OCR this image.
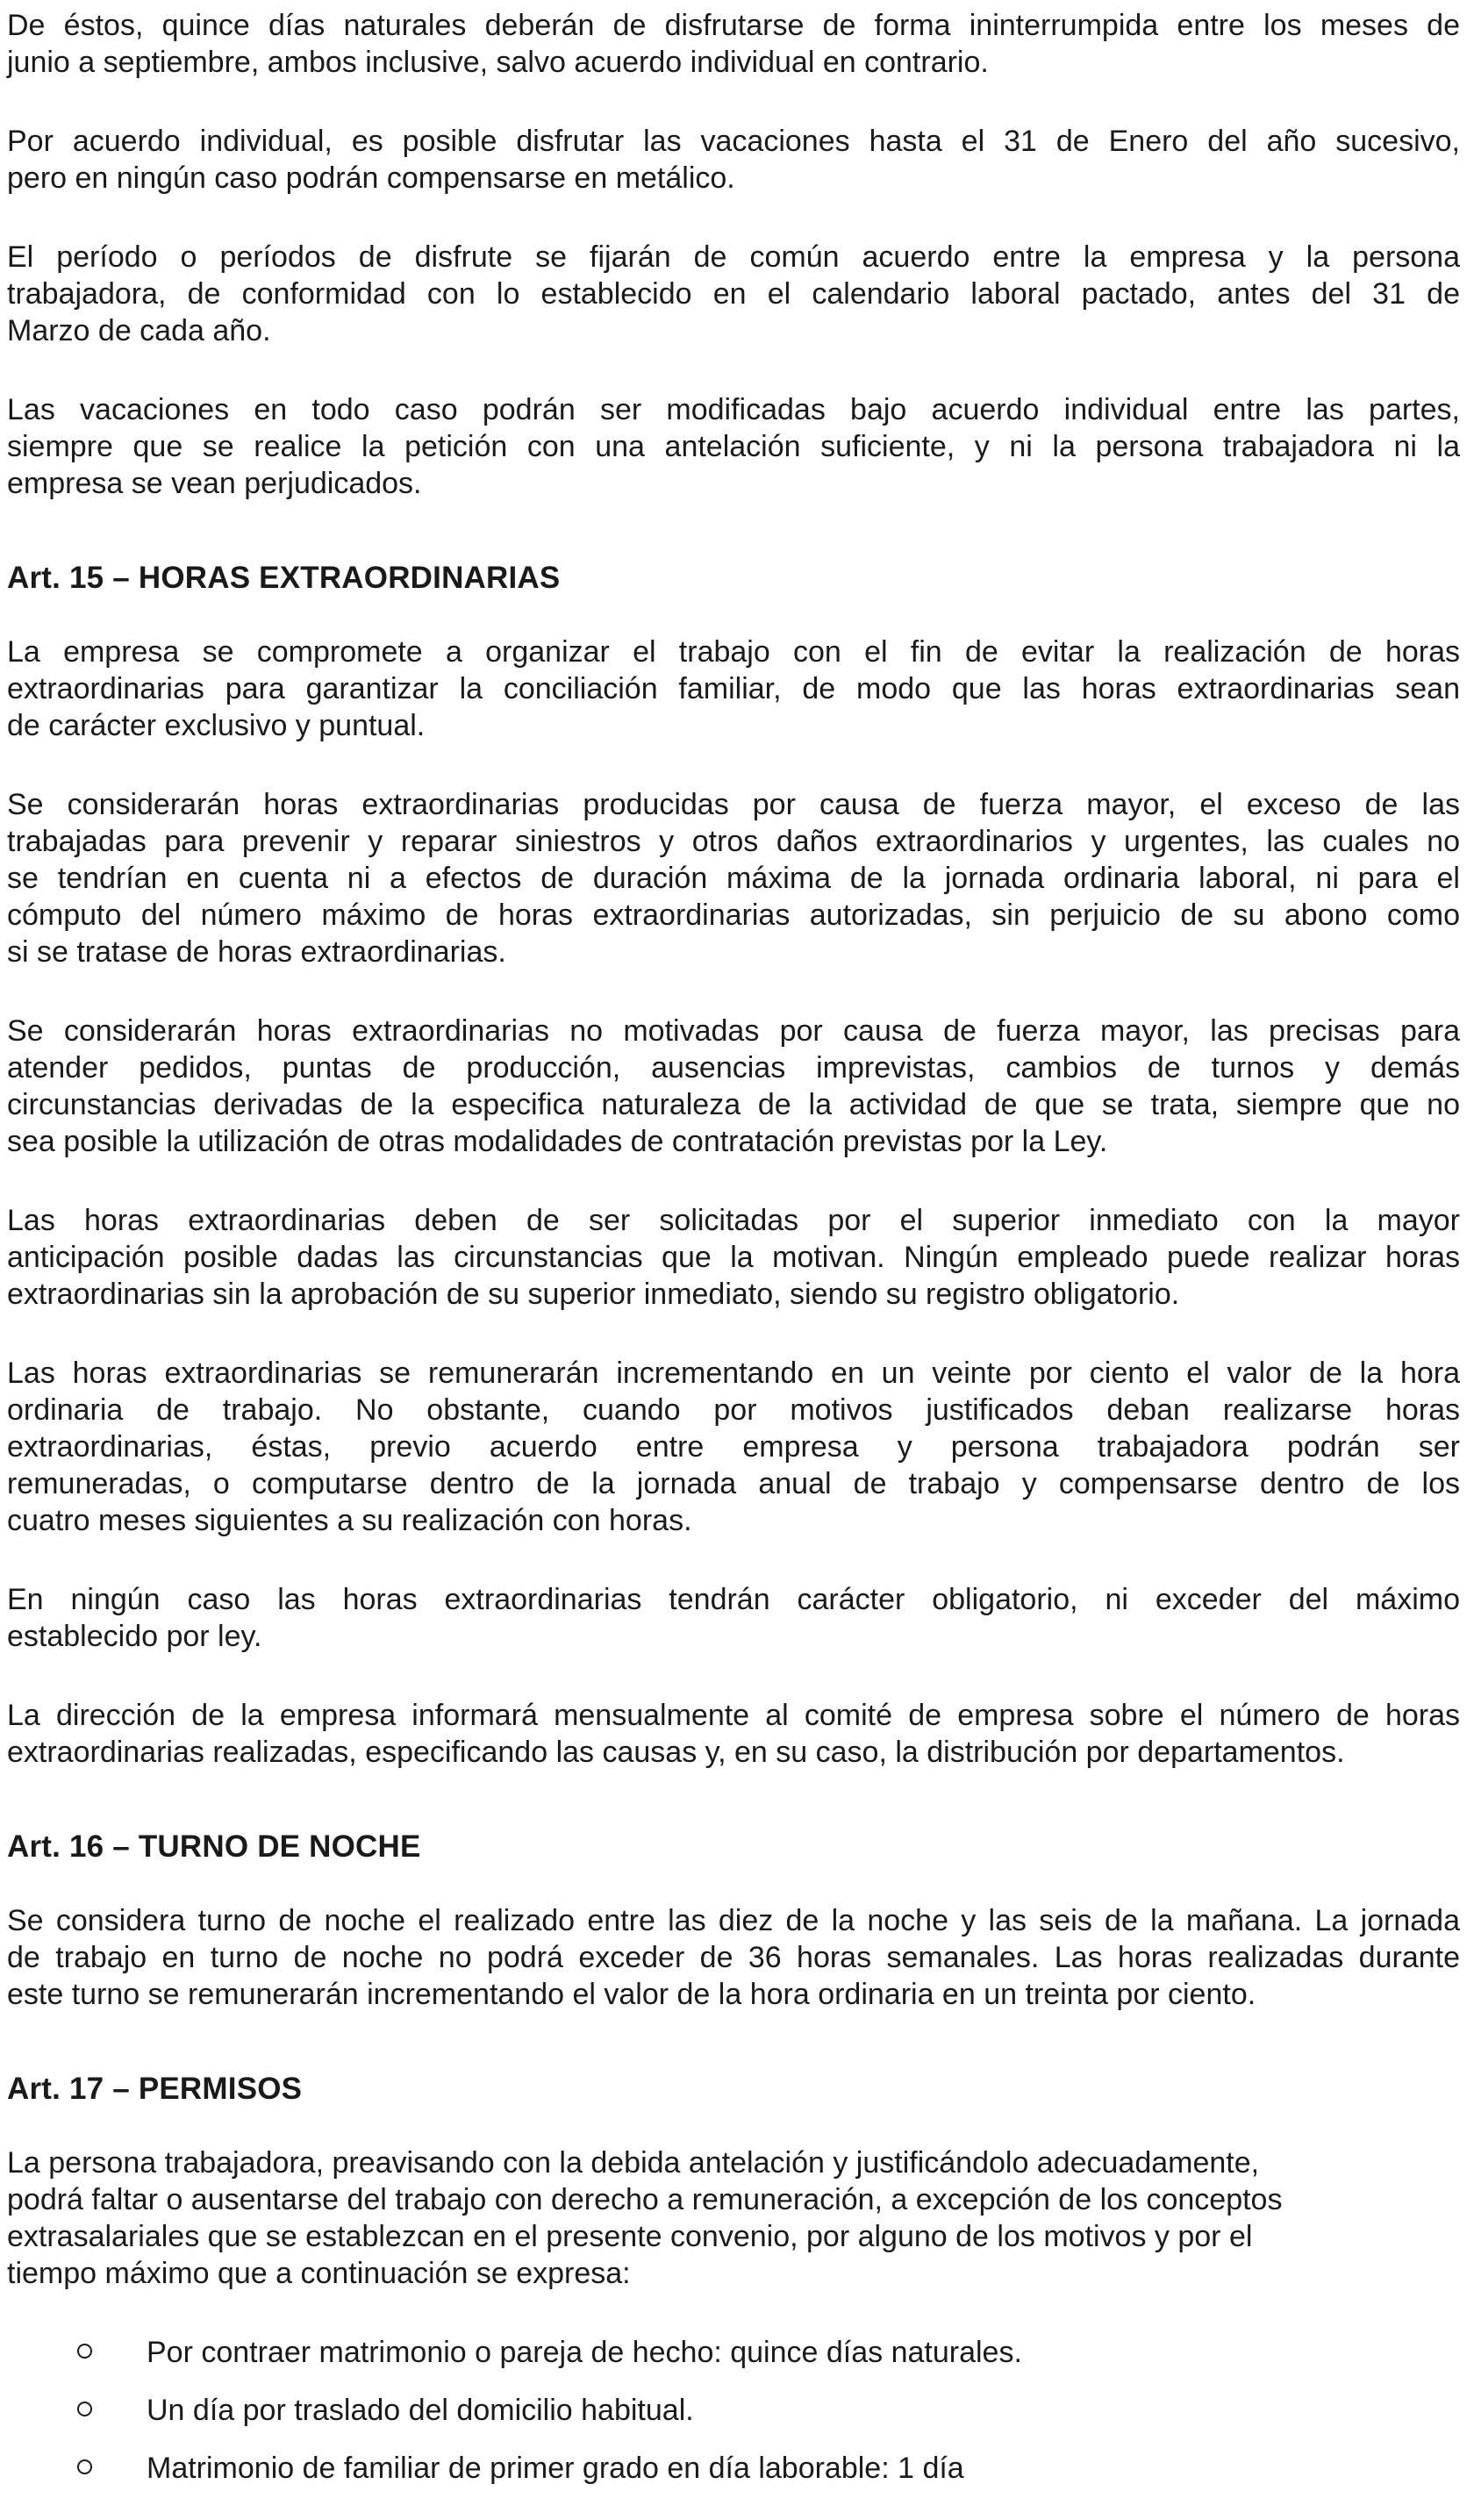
De éstos, quince días naturales deberán de disfrutarse de forma ininterrumpida entre los meses de
junio a septiembre, ambos inclusive, salvo acuerdo individual en contrario.
Por acuerdo individual, es posible disfrutar las vacaciones hasta el 31 de Enero del año sucesivo,
pero en ningún caso podrán compensarse en metálico.
El período o períodos de disfrute se fijarán de común acuerdo entre la empresa y la persona
trabajadora, de conformidad con lo establecido en el calendario laboral pactado, antes del 31 de
Marzo de cada año.
Las vacaciones en todo caso podrán ser modificadas bajo acuerdo individual entre las partes,
siempre que se realice la petición con una antelación suficiente, y ni la persona trabajadora ni la
empresa se vean perjudicados.
Art. 15 – HORAS EXTRAORDINARIAS
La empresa se compromete a organizar el trabajo con el fin de evitar la realización de horas
extraordinarias para garantizar la conciliación familiar, de modo que las horas extraordinarias sean
de carácter exclusivo y puntual.
Se considerarán horas extraordinarias producidas por causa de fuerza mayor, el exceso de las
trabajadas para prevenir y reparar siniestros y otros daños extraordinarios y urgentes, las cuales no
se tendrían en cuenta ni a efectos de duración máxima de la jornada ordinaria laboral, ni para el
cómputo del número máximo de horas extraordinarias autorizadas, sin perjuicio de su abono como
si se tratase de horas extraordinarias.
Se considerarán horas extraordinarias no motivadas por causa de fuerza mayor, las precisas para
atender pedidos, puntas de producción, ausencias imprevistas, cambios de turnos y demás
circunstancias derivadas de la especifica naturaleza de la actividad de que se trata, siempre que no
sea posible la utilización de otras modalidades de contratación previstas por la Ley.
Las horas extraordinarias deben de ser solicitadas por el superior inmediato con la mayor
anticipación posible dadas las circunstancias que la motivan. Ningún empleado puede realizar horas
extraordinarias sin la aprobación de su superior inmediato, siendo su registro obligatorio.
Las horas extraordinarias se remunerarán incrementando en un veinte por ciento el valor de la hora
ordinaria de trabajo. No obstante, cuando por motivos justificados deban realizarse horas
extraordinarias, éstas, previo acuerdo entre empresa y persona trabajadora podrán ser
remuneradas, o computarse dentro de la jornada anual de trabajo y compensarse dentro de los
cuatro meses siguientes a su realización con horas.
En ningún caso las horas extraordinarias tendrán carácter obligatorio, ni exceder del máximo
establecido por ley.
La dirección de la empresa informará mensualmente al comité de empresa sobre el número de horas
extraordinarias realizadas, especificando las causas y, en su caso, la distribución por departamentos.
Art. 16 – TURNO DE NOCHE
Se considera turno de noche el realizado entre las diez de la noche y las seis de la mañana. La jornada
de trabajo en turno de noche no podrá exceder de 36 horas semanales. Las horas realizadas durante
este turno se remunerarán incrementando el valor de la hora ordinaria en un treinta por ciento.
Art. 17 – PERMISOS
La persona trabajadora, preavisando con la debida antelación y justificándolo adecuadamente,
podrá faltar o ausentarse del trabajo con derecho a remuneración, a excepción de los conceptos
extrasalariales que se establezcan en el presente convenio, por alguno de los motivos y por el
tiempo máximo que a continuación se expresa:
Por contraer matrimonio o pareja de hecho: quince días naturales.
Un día por traslado del domicilio habitual.
Matrimonio de familiar de primer grado en día laborable: 1 día
